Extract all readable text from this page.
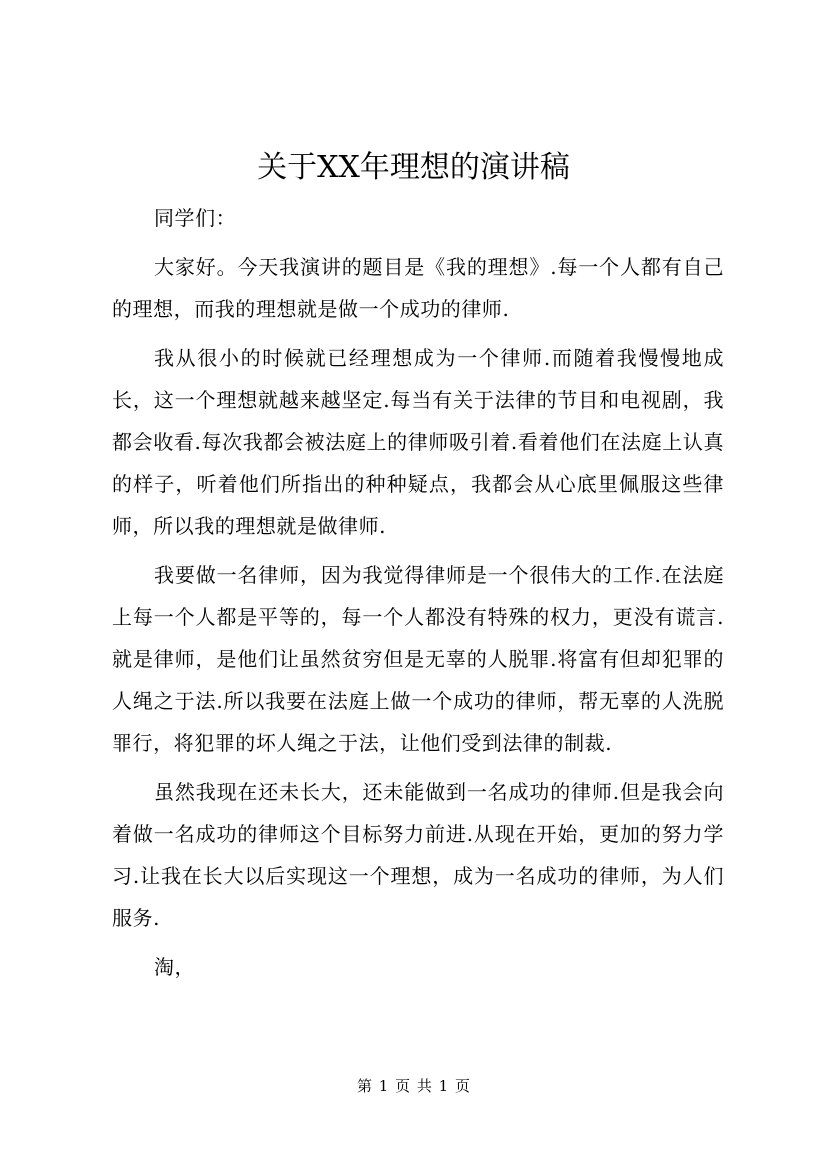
关于XX年理想的演讲稿

同学们：

大家好。今天我演讲的题目是《我的理想》.每一个人都有自己的理想，而我的理想就是做一个成功的律师.

我从很小的时候就已经理想成为一个律师.而随着我慢慢地成长，这一个理想就越来越坚定.每当有关于法律的节目和电视剧，我都会收看.每次我都会被法庭上的律师吸引着.看着他们在法庭上认真的样子，听着他们所指出的种种疑点，我都会从心底里佩服这些律师，所以我的理想就是做律师.

我要做一名律师，因为我觉得律师是一个很伟大的工作.在法庭上每一个人都是平等的，每一个人都没有特殊的权力，更没有谎言.就是律师，是他们让虽然贫穷但是无辜的人脱罪.将富有但却犯罪的人绳之于法.所以我要在法庭上做一个成功的律师，帮无辜的人洗脱罪行，将犯罪的坏人绳之于法，让他们受到法律的制裁.

虽然我现在还未长大，还未能做到一名成功的律师.但是我会向着做一名成功的律师这个目标努力前进.从现在开始，更加的努力学习.让我在长大以后实现这一个理想，成为一名成功的律师，为人们服务.

淘，

第 1 页 共 1 页
